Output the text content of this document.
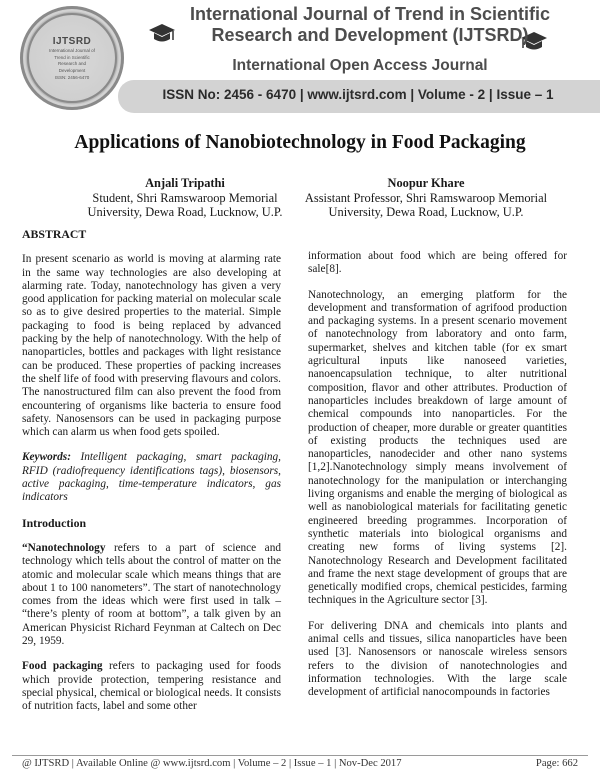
IJTSRD
International Journal of
Trend in Scientific
Research and
Development
ISSN: 2456-6470
International Journal of Trend in Scientific
Research and Development (IJTSRD)
International Open Access Journal
ISSN No: 2456 - 6470 | www.ijtsrd.com | Volume - 2 | Issue – 1
Applications of Nanobiotechnology in Food Packaging
Anjali Tripathi
Student, Shri Ramswaroop Memorial
University, Dewa Road, Lucknow, U.P.
Noopur Khare
Assistant Professor, Shri Ramswaroop Memorial
University, Dewa Road, Lucknow, U.P.
ABSTRACT

In present scenario as world is moving at alarming rate in the same way technologies are also developing at alarming rate. Today, nanotechnology has given a very good application for packing material on molecular scale so as to give desired properties to the material. Simple packaging to food is being replaced by advanced packing by the help of nanotechnology. With the help of nanoparticles, bottles and packages with light resistance can be produced. These properties of packing increases the shelf life of food with preserving flavours and colors. The nanostructured film can also prevent the food from encountering of organisms like bacteria to ensure food safety. Nanosensors can be used in packaging purpose which can alarm us when food gets spoiled.

Keywords: Intelligent packaging, smart packaging, RFID (radiofrequency identifications tags), biosensors, active packaging, time-temperature indicators, gas indicators

Introduction

“Nanotechnology refers to a part of science and technology which tells about the control of matter on the atomic and molecular scale which means things that are about 1 to 100 nanometers”. The start of nanotechnology comes from the ideas which were first used in talk – “there’s plenty of room at bottom”, a talk given by an American Physicist Richard Feynman at Caltech on Dec 29, 1959.

Food packaging refers to packaging used for foods which provide protection, tempering resistance and special physical, chemical or biological needs. It consists of nutrition facts, label and some other

information about food which are being offered for sale[8].

Nanotechnology, an emerging platform for the development and transformation of agrifood production and packaging systems. In a present scenario movement of nanotechnology from laboratory and onto farm, supermarket, shelves and kitchen table (for ex smart agricultural inputs like nanoseed varieties, nanoencapsulation technique, to alter nutritional composition, flavor and other attributes. Production of nanoparticles includes breakdown of large amount of chemical compounds into nanoparticles. For the production of cheaper, more durable or greater quantities of existing products the techniques used are nanoparticles, nanodecider and other nano systems [1,2].Nanotechnology simply means involvement of nanotechnology for the manipulation or interchanging living organisms and enable the merging of biological as well as nanobiological materials for facilitating genetic engineered breeding programmes. Incorporation of synthetic materials into biological organisms and creating new forms of living systems [2]. Nanotechnology Research and Development facilitated and frame the next stage development of groups that are genetically modified crops, chemical pesticides, farming techniques in the Agriculture sector [3].

For delivering DNA and chemicals into plants and animal cells and tissues, silica nanoparticles have been used [3]. Nanosensors or nanoscale wireless sensors refers to the division of nanotechnologies and information technologies. With the large scale development of artificial nanocompounds in factories

@ IJTSRD | Available Online @ www.ijtsrd.com | Volume – 2 | Issue – 1 | Nov-Dec 2017	Page: 662
